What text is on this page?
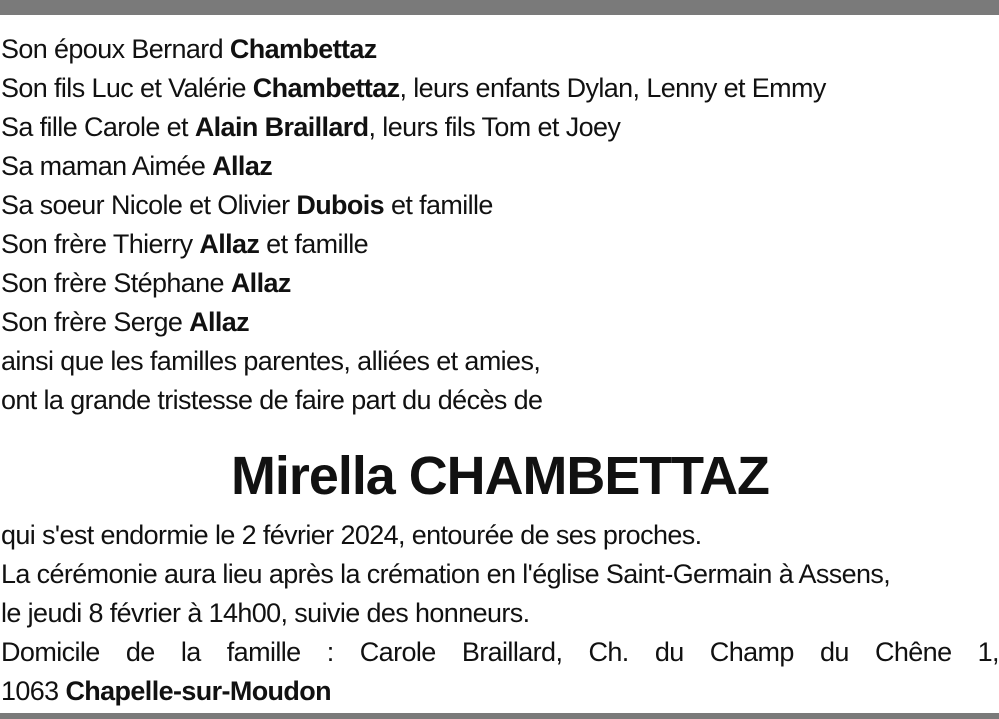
Son époux Bernard Chambettaz
Son fils Luc et Valérie Chambettaz, leurs enfants Dylan, Lenny et Emmy
Sa fille Carole et Alain Braillard, leurs fils Tom et Joey
Sa maman Aimée Allaz
Sa soeur Nicole et Olivier Dubois et famille
Son frère Thierry Allaz et famille
Son frère Stéphane Allaz
Son frère Serge Allaz
ainsi que les familles parentes, alliées et amies,
ont la grande tristesse de faire part du décès de
Mirella CHAMBETTAZ
qui s'est endormie le 2 février 2024, entourée de ses proches.
La cérémonie aura lieu après la crémation en l'église Saint-Germain à Assens,
le jeudi 8 février à 14h00, suivie des honneurs.
Domicile de la famille : Carole Braillard, Ch. du Champ du Chêne 1,
1063 Chapelle-sur-Moudon
